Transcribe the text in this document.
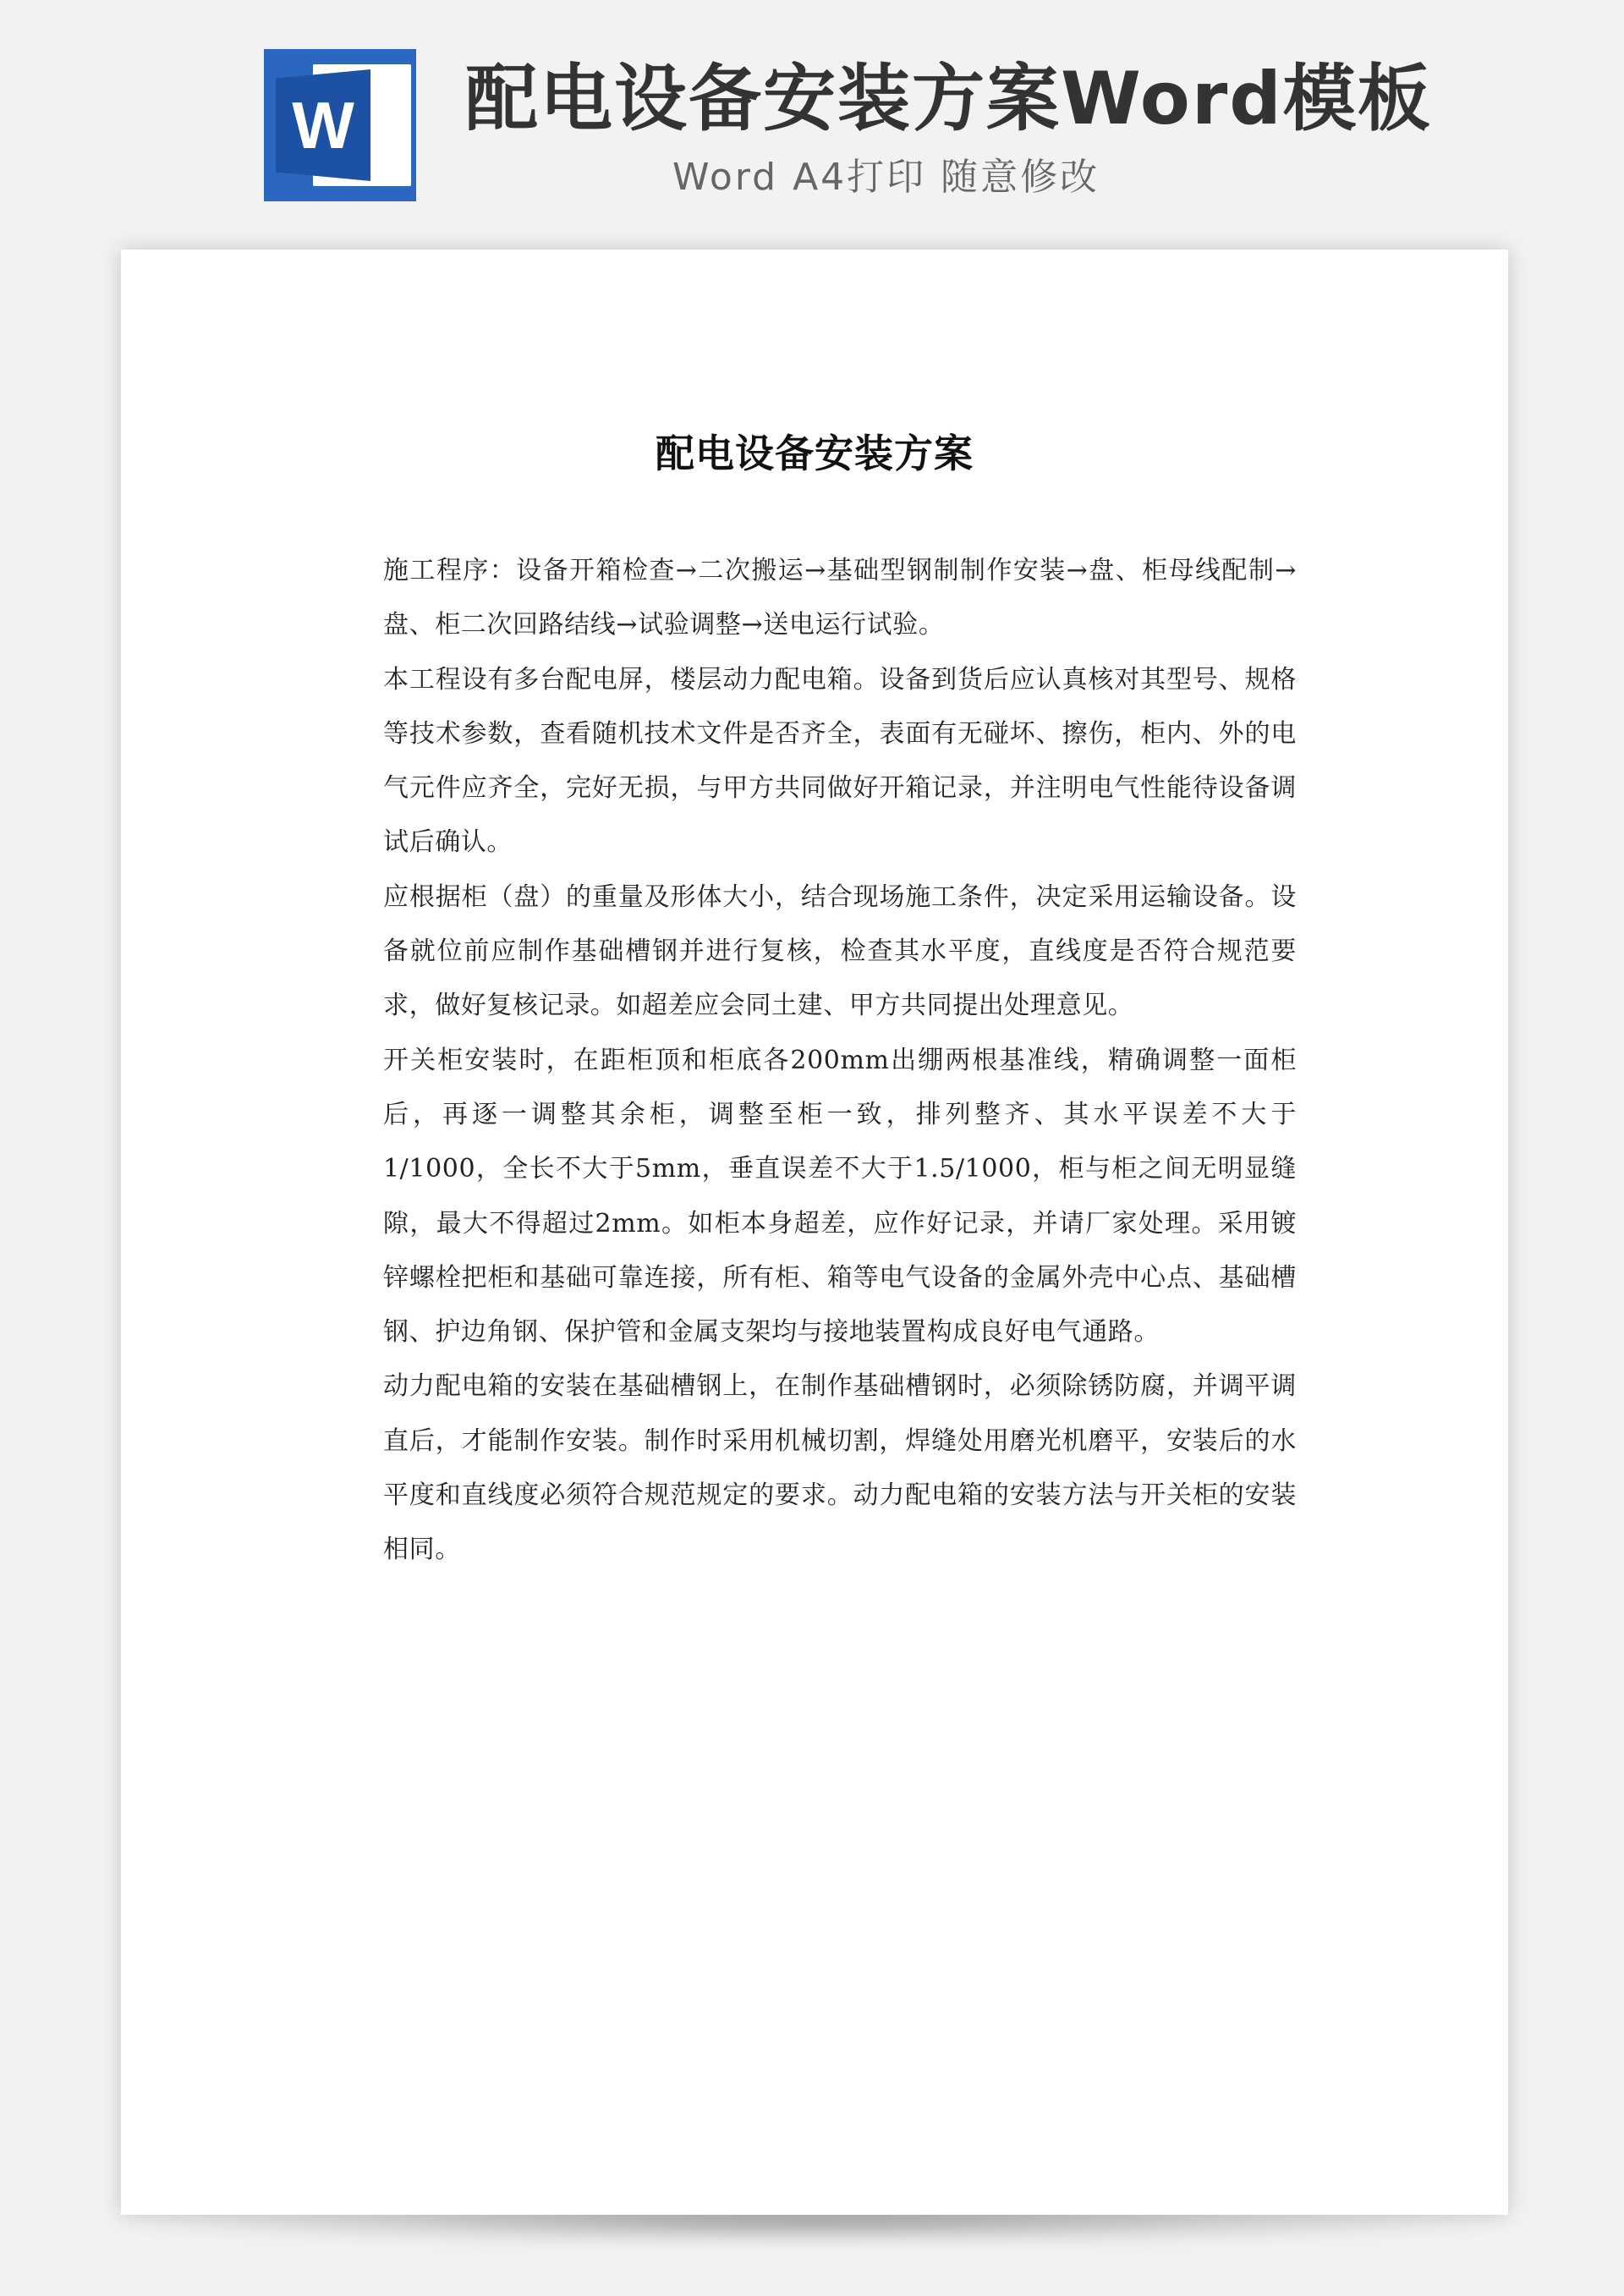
W 配电设备安装方案Word模板
Word A4打印 随意修改
配电设备安装方案

施工程序：设备开箱检查→二次搬运→基础型钢制制作安装→盘、柜母线配制→盘、柜二次回路结线→试验调整→送电运行试验。

本工程设有多台配电屏，楼层动力配电箱。设备到货后应认真核对其型号、规格等技术参数，查看随机技术文件是否齐全，表面有无碰坏、擦伤，柜内、外的电气元件应齐全，完好无损，与甲方共同做好开箱记录，并注明电气性能待设备调试后确认。

应根据柜（盘）的重量及形体大小，结合现场施工条件，决定采用运输设备。设备就位前应制作基础槽钢并进行复核，检查其水平度，直线度是否符合规范要求，做好复核记录。如超差应会同土建、甲方共同提出处理意见。

开关柜安装时，在距柜顶和柜底各200mm出绷两根基准线，精确调整一面柜后，再逐一调整其余柜，调整至柜一致，排列整齐、其水平误差不大于1/1000，全长不大于5mm，垂直误差不大于1.5/1000，柜与柜之间无明显缝隙，最大不得超过2mm。如柜本身超差，应作好记录，并请厂家处理。采用镀锌螺栓把柜和基础可靠连接，所有柜、箱等电气设备的金属外壳中心点、基础槽钢、护边角钢、保护管和金属支架均与接地装置构成良好电气通路。

动力配电箱的安装在基础槽钢上，在制作基础槽钢时，必须除锈防腐，并调平调直后，才能制作安装。制作时采用机械切割，焊缝处用磨光机磨平，安装后的水平度和直线度必须符合规范规定的要求。动力配电箱的安装方法与开关柜的安装相同。
